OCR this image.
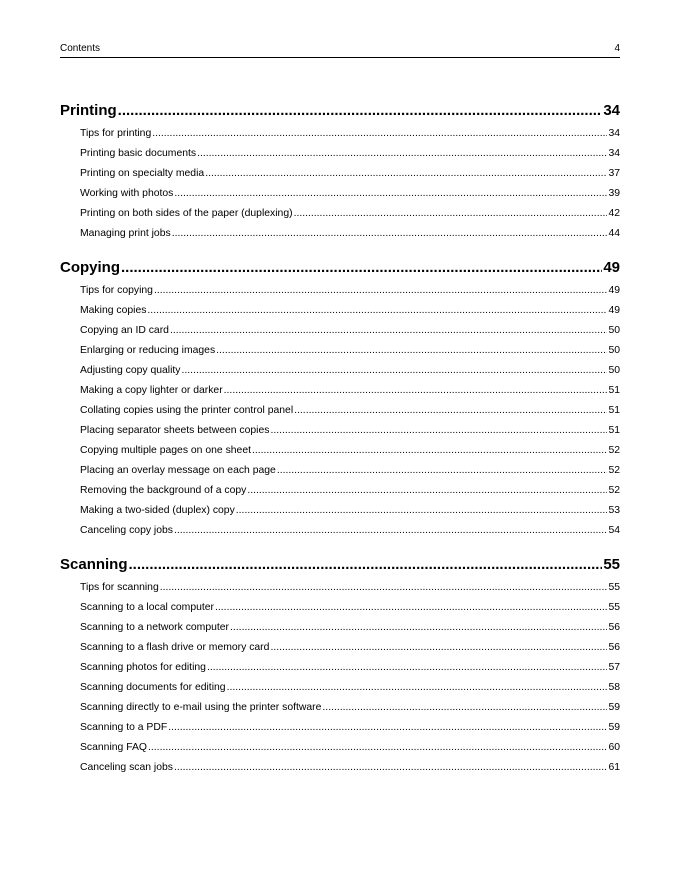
Contents	4
Printing .....	34
Tips for printing .....	34
Printing basic documents .....	34
Printing on specialty media .....	37
Working with photos .....	39
Printing on both sides of the paper (duplexing) .....	42
Managing print jobs .....	44
Copying .....	49
Tips for copying .....	49
Making copies .....	49
Copying an ID card .....	50
Enlarging or reducing images .....	50
Adjusting copy quality .....	50
Making a copy lighter or darker .....	51
Collating copies using the printer control panel .....	51
Placing separator sheets between copies .....	51
Copying multiple pages on one sheet .....	52
Placing an overlay message on each page .....	52
Removing the background of a copy .....	52
Making a two-sided (duplex) copy .....	53
Canceling copy jobs .....	54
Scanning .....	55
Tips for scanning .....	55
Scanning to a local computer .....	55
Scanning to a network computer .....	56
Scanning to a flash drive or memory card .....	56
Scanning photos for editing .....	57
Scanning documents for editing .....	58
Scanning directly to e-mail using the printer software .....	59
Scanning to a PDF .....	59
Scanning FAQ .....	60
Canceling scan jobs .....	61
